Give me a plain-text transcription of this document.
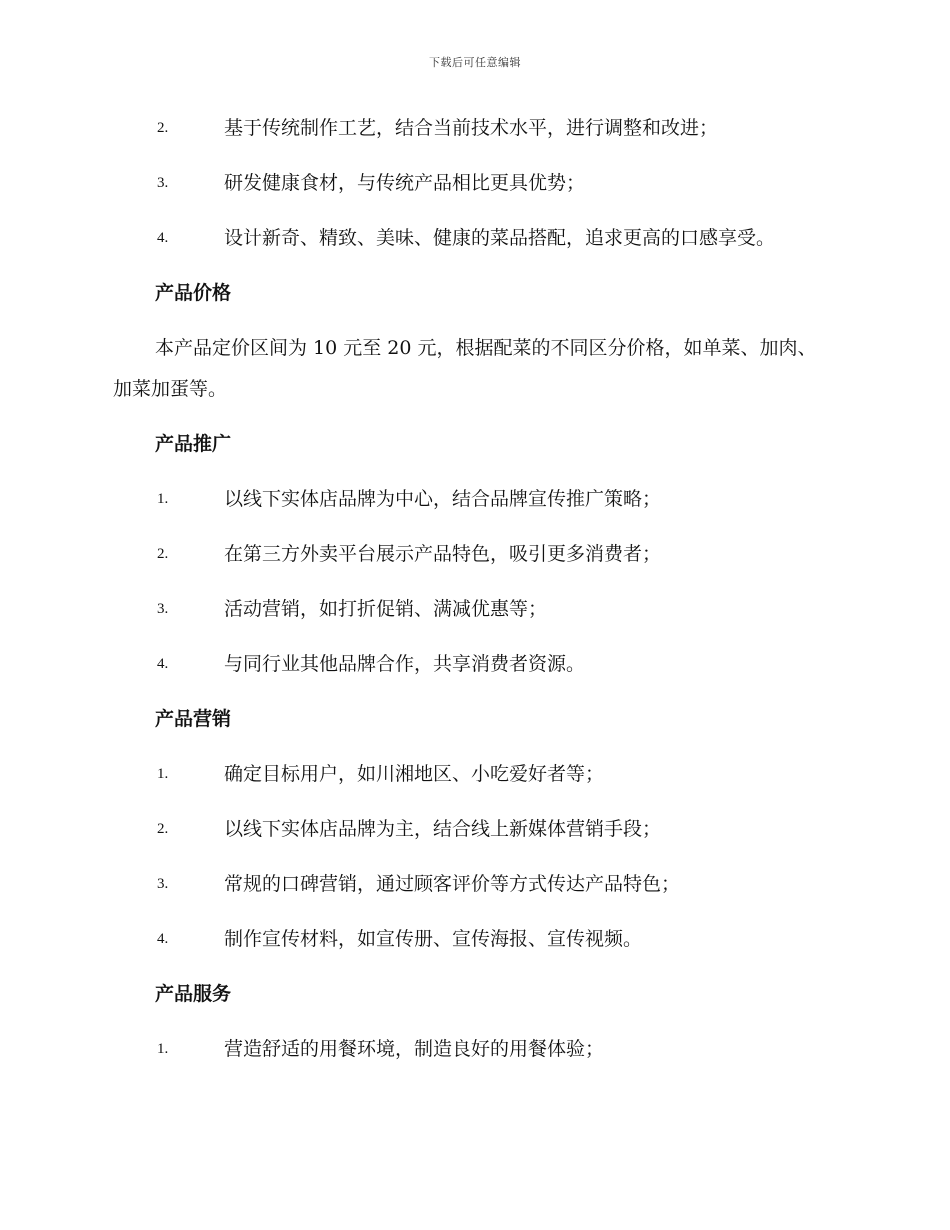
下载后可任意编辑
2.	基于传统制作工艺，结合当前技术水平，进行调整和改进；
3.	研发健康食材，与传统产品相比更具优势；
4.	设计新奇、精致、美味、健康的菜品搭配，追求更高的口感享受。
产品价格
本产品定价区间为 10 元至 20 元，根据配菜的不同区分价格，如单菜、加肉、加菜加蛋等。
产品推广
1.	以线下实体店品牌为中心，结合品牌宣传推广策略；
2.	在第三方外卖平台展示产品特色，吸引更多消费者；
3.	活动营销，如打折促销、满减优惠等；
4.	与同行业其他品牌合作，共享消费者资源。
产品营销
1.	确定目标用户，如川湘地区、小吃爱好者等；
2.	以线下实体店品牌为主，结合线上新媒体营销手段；
3.	常规的口碑营销，通过顾客评价等方式传达产品特色；
4.	制作宣传材料，如宣传册、宣传海报、宣传视频。
产品服务
1.	营造舒适的用餐环境，制造良好的用餐体验；
